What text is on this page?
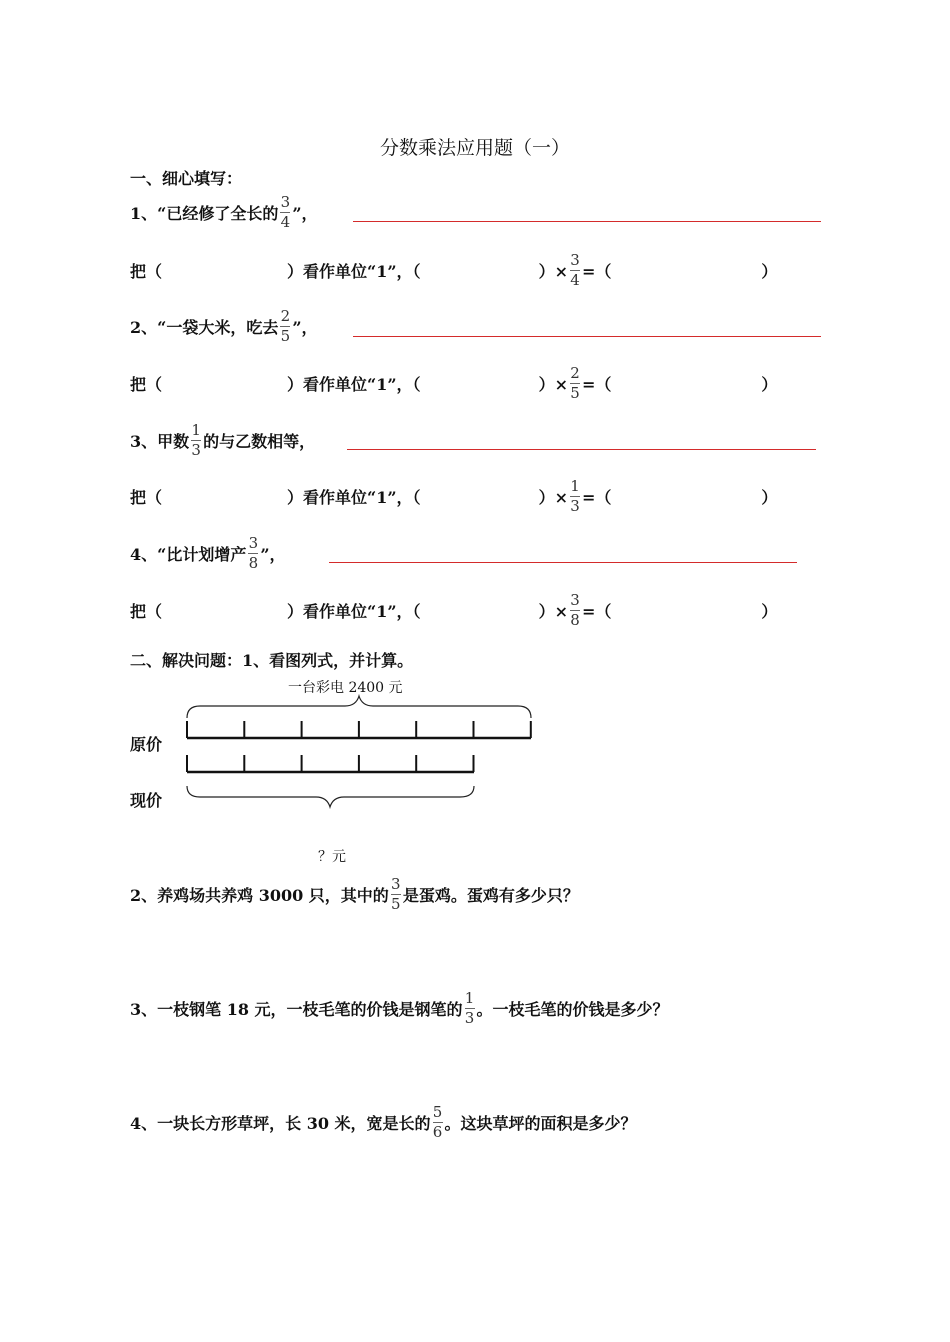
分数乘法应用题（一）
一、细心填写：
1、“已经修了全长的 $\frac{3}{4}$ ”，
把（	）看作单位“1”，（	）× $\frac{3}{4}$ =（	）
2、“一袋大米，吃去 $\frac{2}{5}$ ”，
把（	）看作单位“1”，（	）× $\frac{2}{5}$ =（	）
3、甲数 $\frac{1}{3}$ 的与乙数相等，
把（	）看作单位“1”，（	）× $\frac{1}{3}$ =（	）
4、“比计划增产 $\frac{3}{8}$ ”，
把（	）看作单位“1”，（	）× $\frac{3}{8}$ =（	）
二、解决问题：1、看图列式，并计算。
一台彩电 2400 元
原价
现价
？元
2、养鸡场共养鸡 3000 只，其中的 $\frac{3}{5}$ 是蛋鸡。蛋鸡有多少只？
3、一枝钢笔 18 元，一枝毛笔的价钱是钢笔的 $\frac{1}{3}$ 。一枝毛笔的价钱是多少？
4、一块长方形草坪，长 30 米，宽是长的 $\frac{5}{6}$ 。这块草坪的面积是多少？
